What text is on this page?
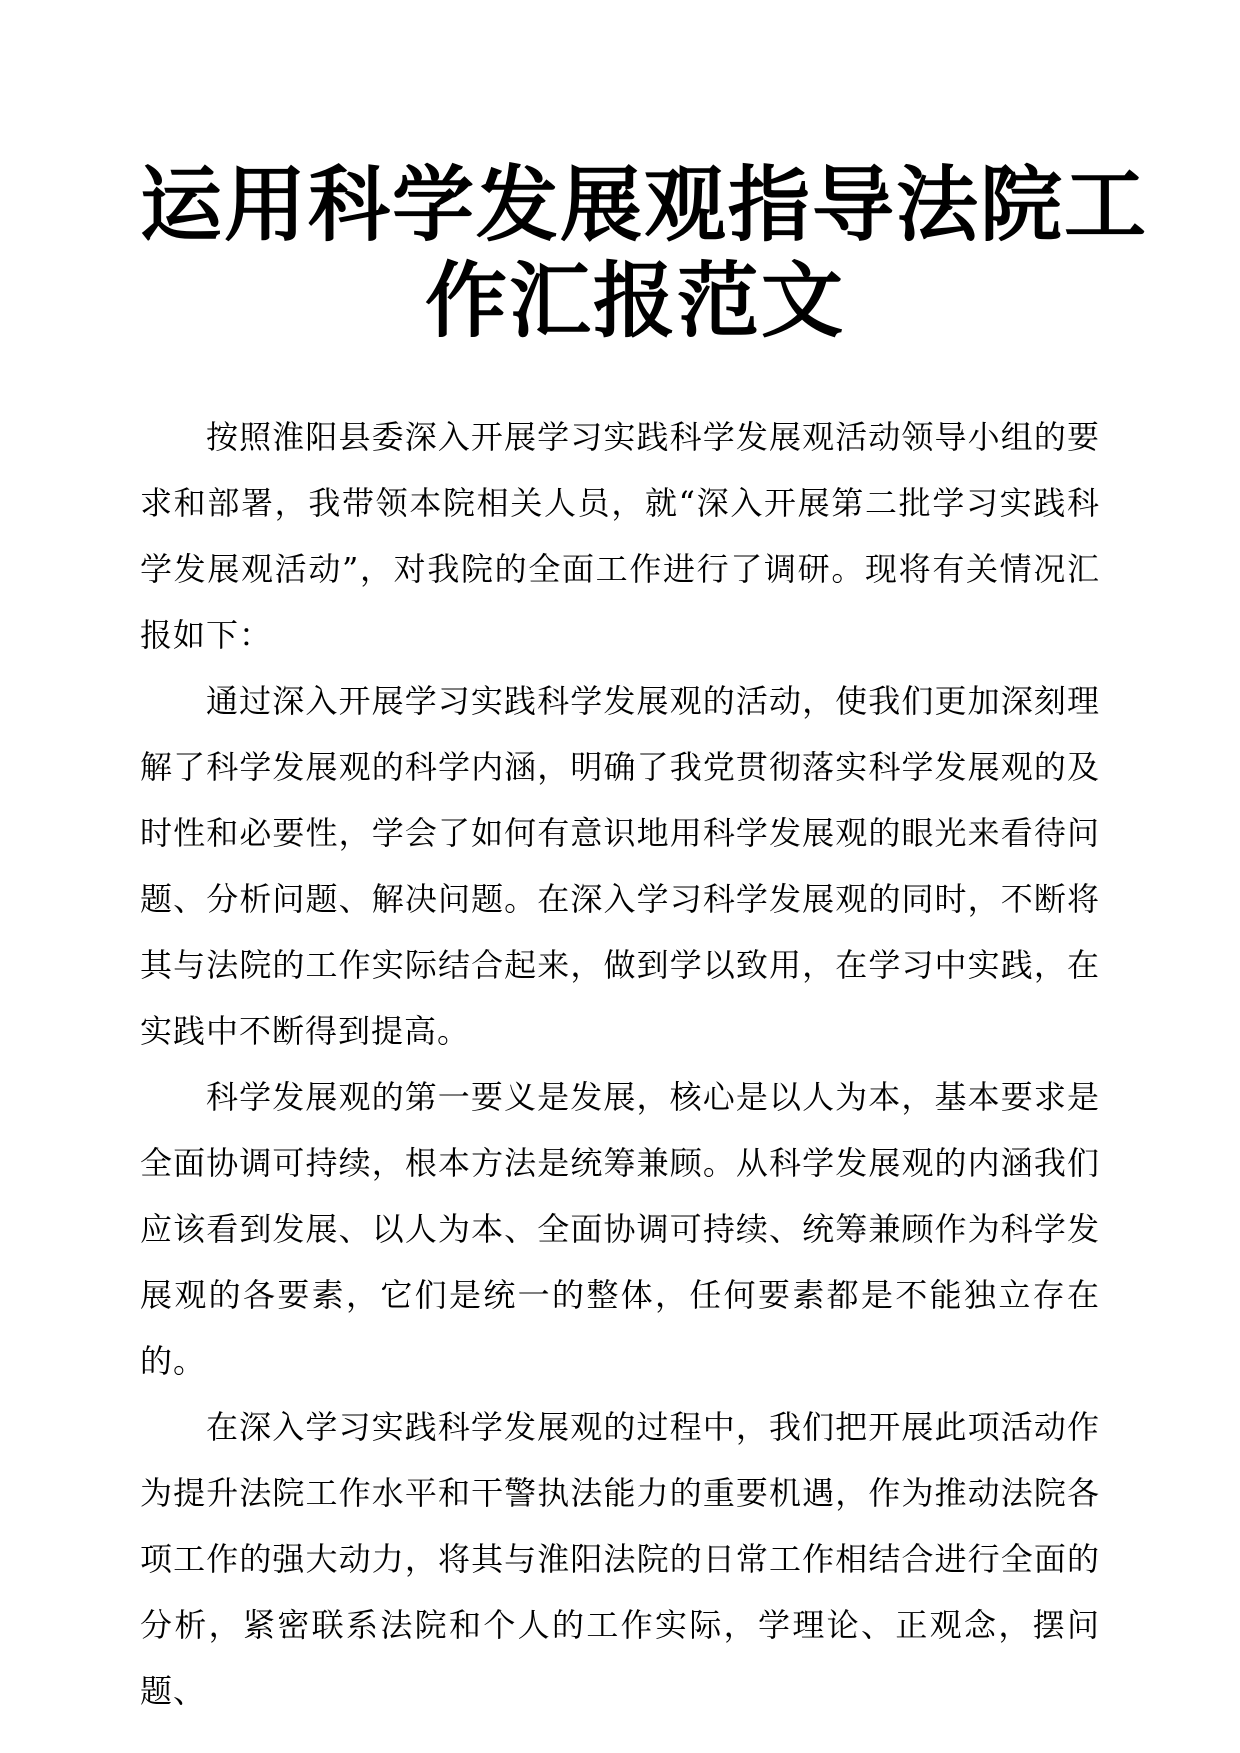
运用科学发展观指导法院工
作汇报范文

按照淮阳县委深入开展学习实践科学发展观活动领导小组的要求和部署，我带领本院相关人员，就“深入开展第二批学习实践科学发展观活动”，对我院的全面工作进行了调研。现将有关情况汇报如下：

通过深入开展学习实践科学发展观的活动，使我们更加深刻理解了科学发展观的科学内涵，明确了我党贯彻落实科学发展观的及时性和必要性，学会了如何有意识地用科学发展观的眼光来看待问题、分析问题、解决问题。在深入学习科学发展观的同时，不断将其与法院的工作实际结合起来，做到学以致用，在学习中实践，在实践中不断得到提高。

科学发展观的第一要义是发展，核心是以人为本，基本要求是全面协调可持续，根本方法是统筹兼顾。从科学发展观的内涵我们应该看到发展、以人为本、全面协调可持续、统筹兼顾作为科学发展观的各要素，它们是统一的整体，任何要素都是不能独立存在的。

在深入学习实践科学发展观的过程中，我们把开展此项活动作为提升法院工作水平和干警执法能力的重要机遇，作为推动法院各项工作的强大动力，将其与淮阳法院的日常工作相结合进行全面的分析，紧密联系法院和个人的工作实际，学理论、正观念，摆问题、
